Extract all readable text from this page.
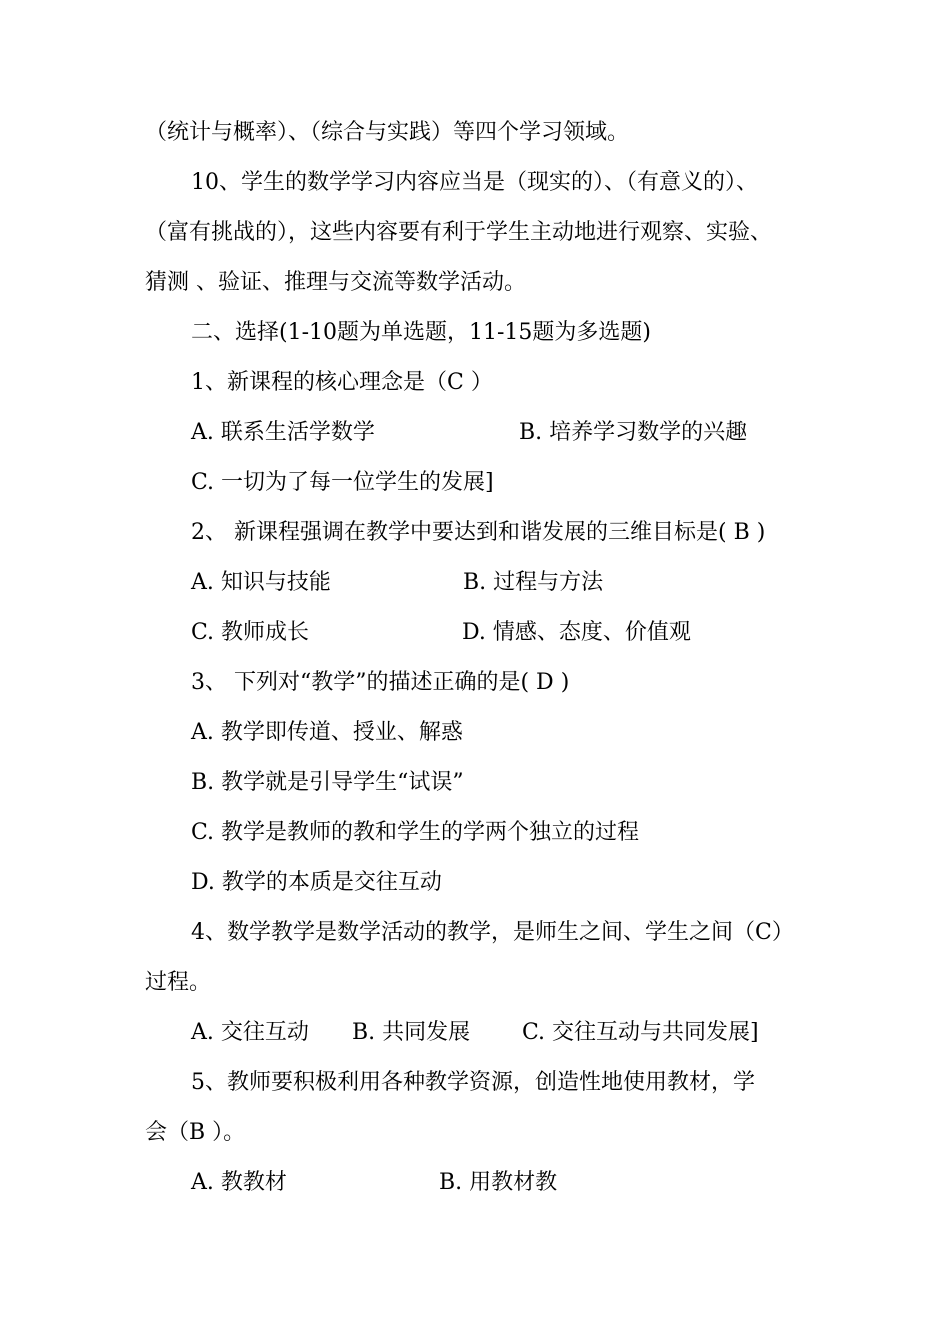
（统计与概率）、（综合与实践）等四个学习领域。
10、学生的数学学习内容应当是（现实的）、（有意义的）、
（富有挑战的），这些内容要有利于学生主动地进行观察、实验、
猜测 、验证、推理与交流等数学活动。
二、选择(1-10题为单选题，11-15题为多选题)
1、新课程的核心理念是（C ）
A. 联系生活学数学	B. 培养学习数学的兴趣
C. 一切为了每一位学生的发展]
2、 新课程强调在教学中要达到和谐发展的三维目标是( B )
A. 知识与技能	B. 过程与方法
C. 教师成长	D. 情感、态度、价值观
3、 下列对“教学”的描述正确的是( D )
A. 教学即传道、授业、解惑
B. 教学就是引导学生“试误”
C. 教学是教师的教和学生的学两个独立的过程
D. 教学的本质是交往互动
4、数学教学是数学活动的教学，是师生之间、学生之间（C）
过程。
A. 交往互动 B. 共同发展 C. 交往互动与共同发展]
5、教师要积极利用各种教学资源，创造性地使用教材，学
会（B ）。
A. 教教材	B. 用教材教
